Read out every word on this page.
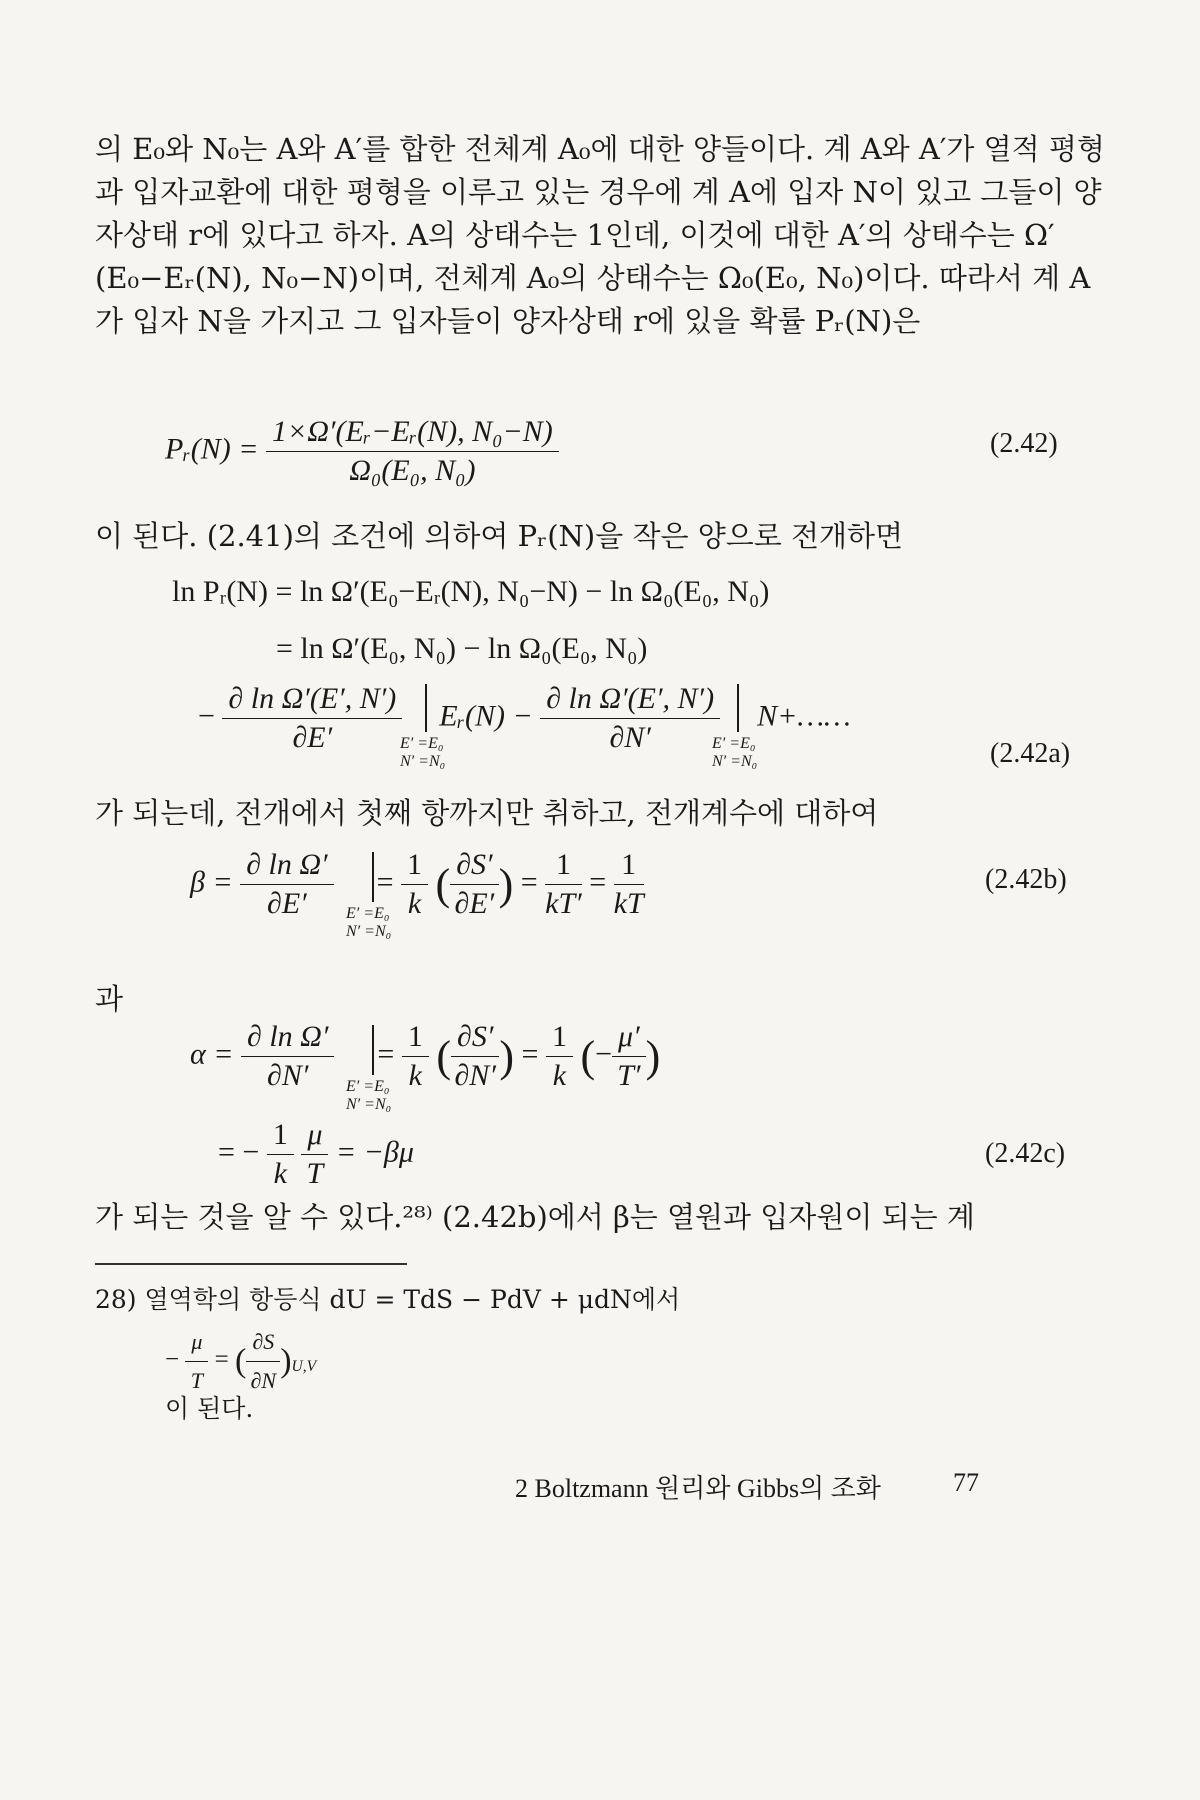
의 E₀와 N₀는 A와 A′를 합한 전체계 A₀에 대한 양들이다. 계 A와 A′가 열적 평형과 입자교환에 대한 평형을 이루고 있는 경우에 계 A에 입자 N이 있고 그들이 양자상태 r에 있다고 하자. A의 상태수는 1인데, 이것에 대한 A′의 상태수는 Ω′(E₀−Eᵣ(N), N₀−N)이며, 전체계 A₀의 상태수는 Ω₀(E₀, N₀)이다. 따라서 계 A가 입자 N을 가지고 그 입자들이 양자상태 r에 있을 확률 Pᵣ(N)은

Pᵣ(N) = $\frac{\text{1×Ω′(Eᵣ−Eᵣ(N), N₀−N)}}{\text{Ω₀(E₀, N₀)}}$	(2.42)

이 된다. (2.41)의 조건에 의하여 Pᵣ(N)을 작은 양으로 전개하면

ln Pᵣ(N) = ln Ω′(E₀−Eᵣ(N), N₀−N) − ln Ω₀(E₀, N₀)
= ln Ω′(E₀, N₀) − ln Ω₀(E₀, N₀)
− $\frac{\text{∂ ln Ω′(E′, N′)}}{\partial E'}$ Eᵣ(N) − $\frac{\text{∂ ln Ω′(E′, N′)}}{\partial N'}$ N+……
E′ =E₀
N′ =N₀
E′ =E₀
N′ =N₀	(2.42a)

가 되는데, 전개에서 첫째 항까지만 취하고, 전개계수에 대하여

$\beta = \frac{\text{∂ ln Ω′}}{\partial E'} = \frac{1}{k}$ ( $\frac{\partial S'}{\partial E'}$ ) = $\frac{1}{kT'} = \frac{1}{kT}$
E′ =E₀
N′ =N₀
(2.42b)

과

$\alpha = \frac{\text{∂ ln Ω′}}{\partial N'} = \frac{1}{k}$ ( $\frac{\partial S'}{\partial N'}$ ) = $\frac{1}{k}$ (− $\frac{\mu'}{T'}$ )
E′ =E₀
N′ =N₀
= − $\frac{1}{k}$
$\frac{\mu}{T} = -\beta\mu$	(2.42c)

가 되는 것을 알 수 있다.²⁸⁾ (2.42b)에서 β는 열원과 입자원이 되는 계

28) 열역학의 항등식 dU = TdS − PdV + μdN에서
− $\frac{\mu}{T}$ = ( $\frac{\partial S}{\partial N} )_{U,V}$
이 된다.
2 Boltzmann 원리와 Gibbs의 조화	77
